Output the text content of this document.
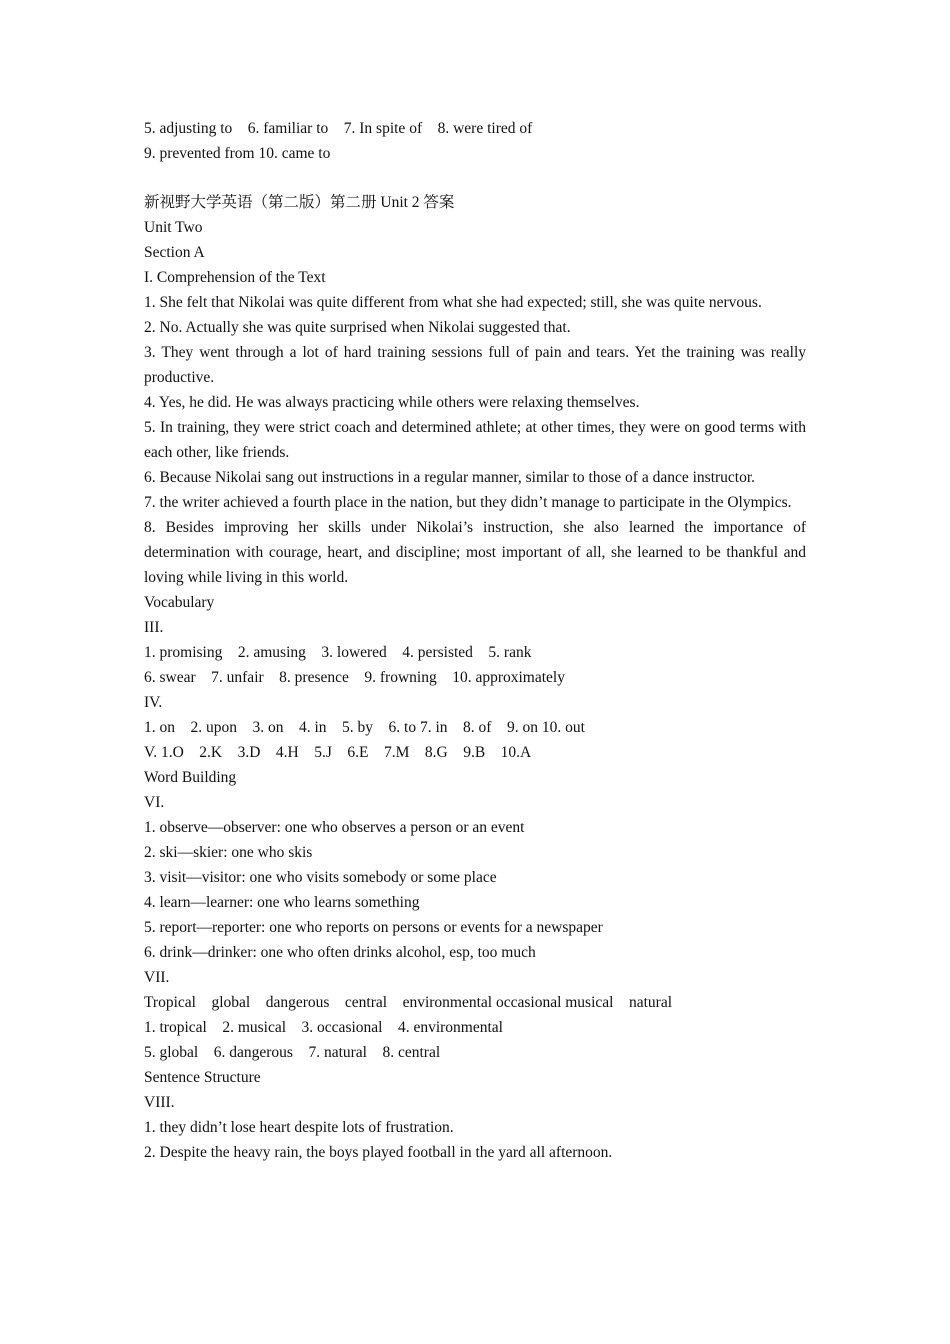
5. adjusting to    6. familiar to    7. In spite of    8. were tired of
9. prevented from 10. came to
新视野大学英语（第二版）第二册 Unit 2 答案
Unit Two
Section A
I. Comprehension of the Text
1. She felt that Nikolai was quite different from what she had expected; still, she was quite nervous.
2. No. Actually she was quite surprised when Nikolai suggested that.
3. They went through a lot of hard training sessions full of pain and tears. Yet the training was really productive.
4. Yes, he did. He was always practicing while others were relaxing themselves.
5. In training, they were strict coach and determined athlete; at other times, they were on good terms with each other, like friends.
6. Because Nikolai sang out instructions in a regular manner, similar to those of a dance instructor.
7. the writer achieved a fourth place in the nation, but they didn’t manage to participate in the Olympics.
8. Besides improving her skills under Nikolai’s instruction, she also learned the importance of determination with courage, heart, and discipline; most important of all, she learned to be thankful and loving while living in this world.
Vocabulary
III.
1. promising    2. amusing    3. lowered    4. persisted    5. rank
6. swear    7. unfair    8. presence    9. frowning    10. approximately
IV.
1. on    2. upon    3. on    4. in    5. by    6. to 7. in    8. of    9. on 10. out
V. 1.O    2.K    3.D    4.H    5.J    6.E    7.M    8.G    9.B    10.A
Word Building
VI.
1. observe—observer: one who observes a person or an event
2. ski—skier: one who skis
3. visit—visitor: one who visits somebody or some place
4. learn—learner: one who learns something
5. report—reporter: one who reports on persons or events for a newspaper
6. drink—drinker: one who often drinks alcohol, esp, too much
VII.
Tropical    global    dangerous    central    environmental occasional musical    natural
1. tropical    2. musical    3. occasional    4. environmental
5. global    6. dangerous    7. natural    8. central
Sentence Structure
VIII.
1. they didn’t lose heart despite lots of frustration.
2. Despite the heavy rain, the boys played football in the yard all afternoon.
